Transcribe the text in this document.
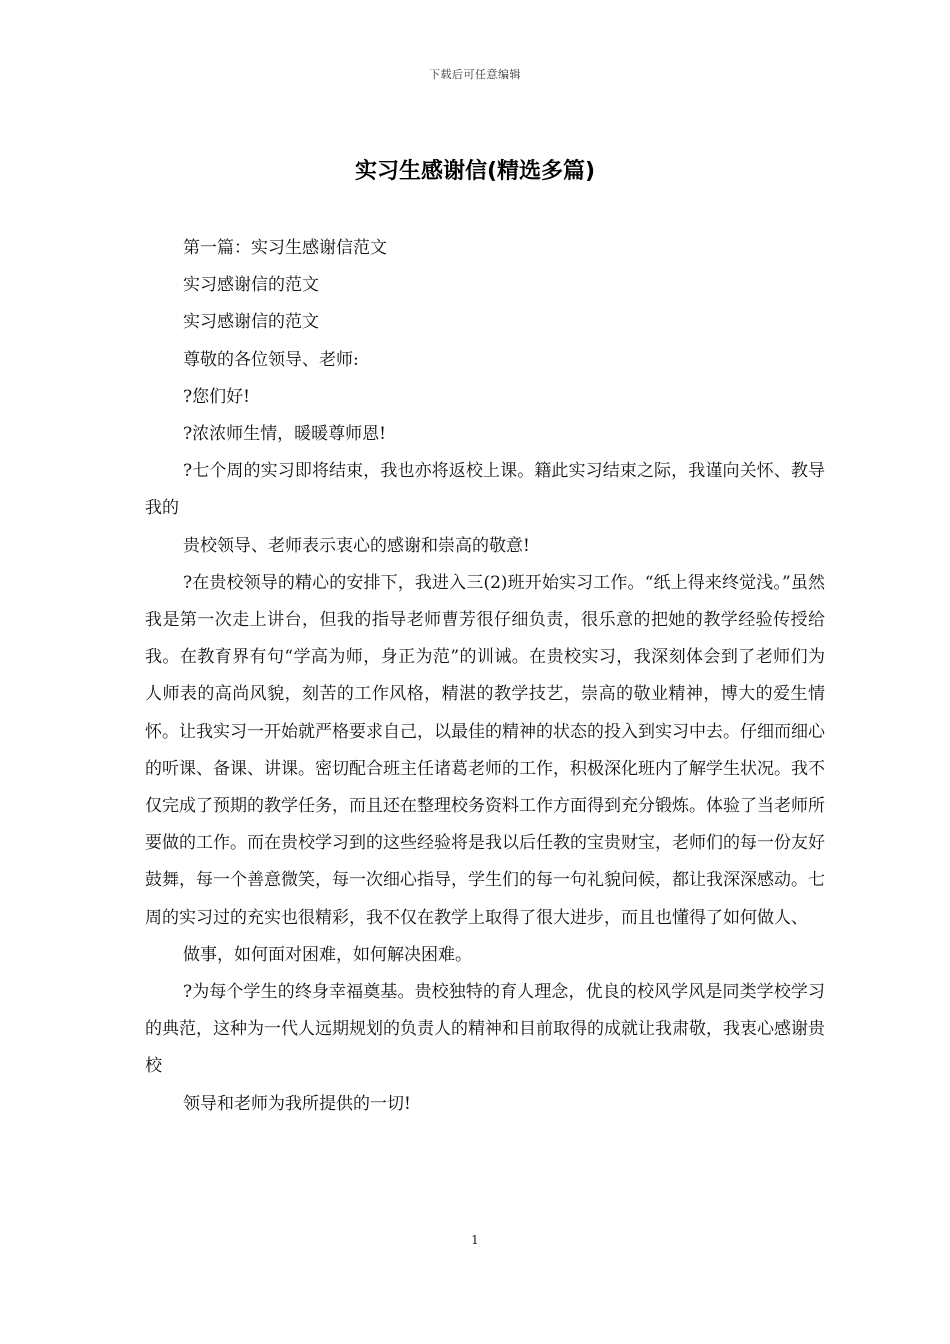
下载后可任意编辑
实习生感谢信(精选多篇)

第一篇：实习生感谢信范文

实习感谢信的范文

实习感谢信的范文

尊敬的各位领导、老师:

?您们好!

?浓浓师生情，暖暖尊师恩!

?七个周的实习即将结束，我也亦将返校上课。籍此实习结束之际，我谨向关怀、教导我的

贵校领导、老师表示衷心的感谢和崇高的敬意!

?在贵校领导的精心的安排下，我进入三(2)班开始实习工作。“纸上得来终觉浅。”虽然我是第一次走上讲台，但我的指导老师曹芳很仔细负责，很乐意的把她的教学经验传授给我。在教育界有句“学高为师，身正为范”的训诫。在贵校实习，我深刻体会到了老师们为人师表的高尚风貌，刻苦的工作风格，精湛的教学技艺，崇高的敬业精神，博大的爱生情怀。让我实习一开始就严格要求自己，以最佳的精神的状态的投入到实习中去。仔细而细心的听课、备课、讲课。密切配合班主任诸葛老师的工作，积极深化班内了解学生状况。我不仅完成了预期的教学任务，而且还在整理校务资料工作方面得到充分锻炼。体验了当老师所要做的工作。而在贵校学习到的这些经验将是我以后任教的宝贵财宝，老师们的每一份友好鼓舞，每一个善意微笑，每一次细心指导，学生们的每一句礼貌问候，都让我深深感动。七周的实习过的充实也很精彩，我不仅在教学上取得了很大进步，而且也懂得了如何做人、

做事，如何面对困难，如何解决困难。

?为每个学生的终身幸福奠基。贵校独特的育人理念，优良的校风学风是同类学校学习的典范，这种为一代人远期规划的负责人的精神和目前取得的成就让我肃敬，我衷心感谢贵校

领导和老师为我所提供的一切!

1
